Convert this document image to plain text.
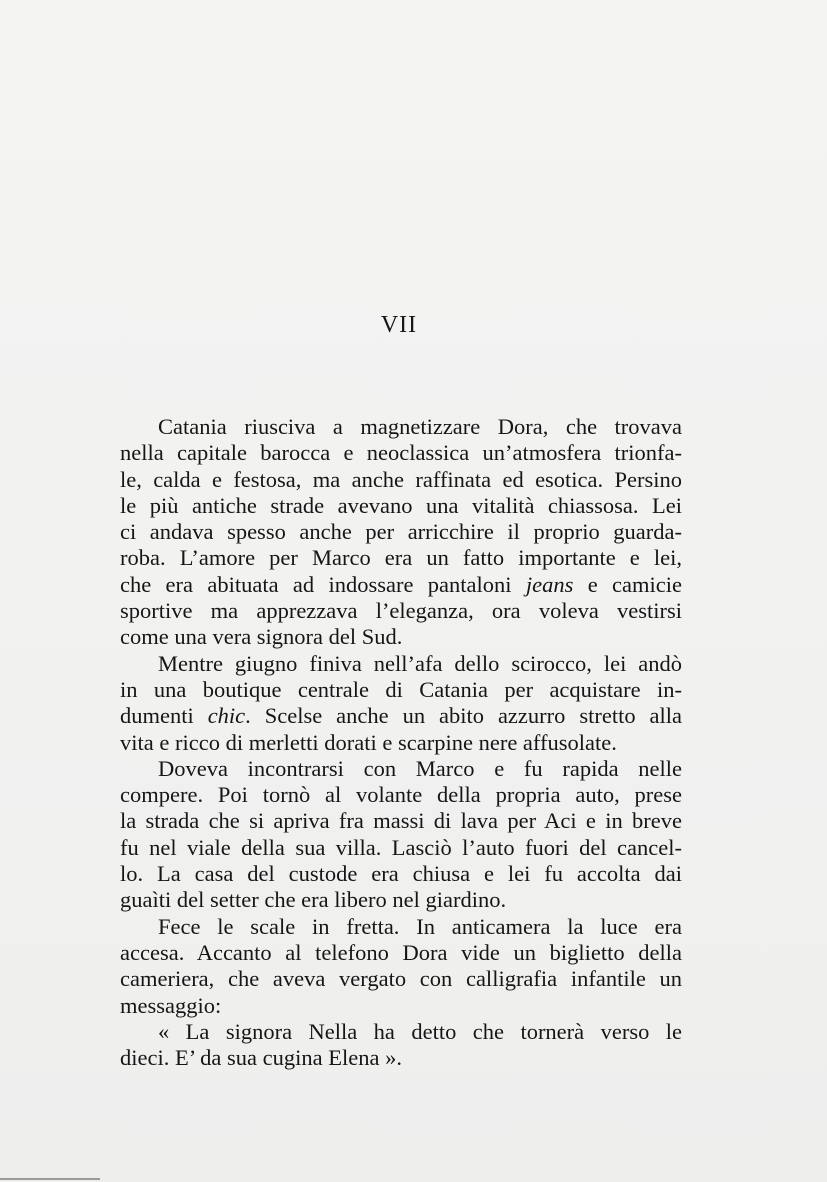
VII
Catania riusciva a magnetizzare Dora, che trovava
nella capitale barocca e neoclassica un’atmosfera trionfa-
le, calda e festosa, ma anche raffinata ed esotica. Persino
le più antiche strade avevano una vitalità chiassosa. Lei
ci andava spesso anche per arricchire il proprio guarda-
roba. L’amore per Marco era un fatto importante e lei,
che era abituata ad indossare pantaloni jeans e camicie
sportive ma apprezzava l’eleganza, ora voleva vestirsi
come una vera signora del Sud.
Mentre giugno finiva nell’afa dello scirocco, lei andò
in una boutique centrale di Catania per acquistare in-
dumenti chic. Scelse anche un abito azzurro stretto alla
vita e ricco di merletti dorati e scarpine nere affusolate.
Doveva incontrarsi con Marco e fu rapida nelle
compere. Poi tornò al volante della propria auto, prese
la strada che si apriva fra massi di lava per Aci e in breve
fu nel viale della sua villa. Lasciò l’auto fuori del cancel-
lo. La casa del custode era chiusa e lei fu accolta dai
guaìti del setter che era libero nel giardino.
Fece le scale in fretta. In anticamera la luce era
accesa. Accanto al telefono Dora vide un biglietto della
cameriera, che aveva vergato con calligrafia infantile un
messaggio:
« La signora Nella ha detto che tornerà verso le
dieci. E’ da sua cugina Elena ».
